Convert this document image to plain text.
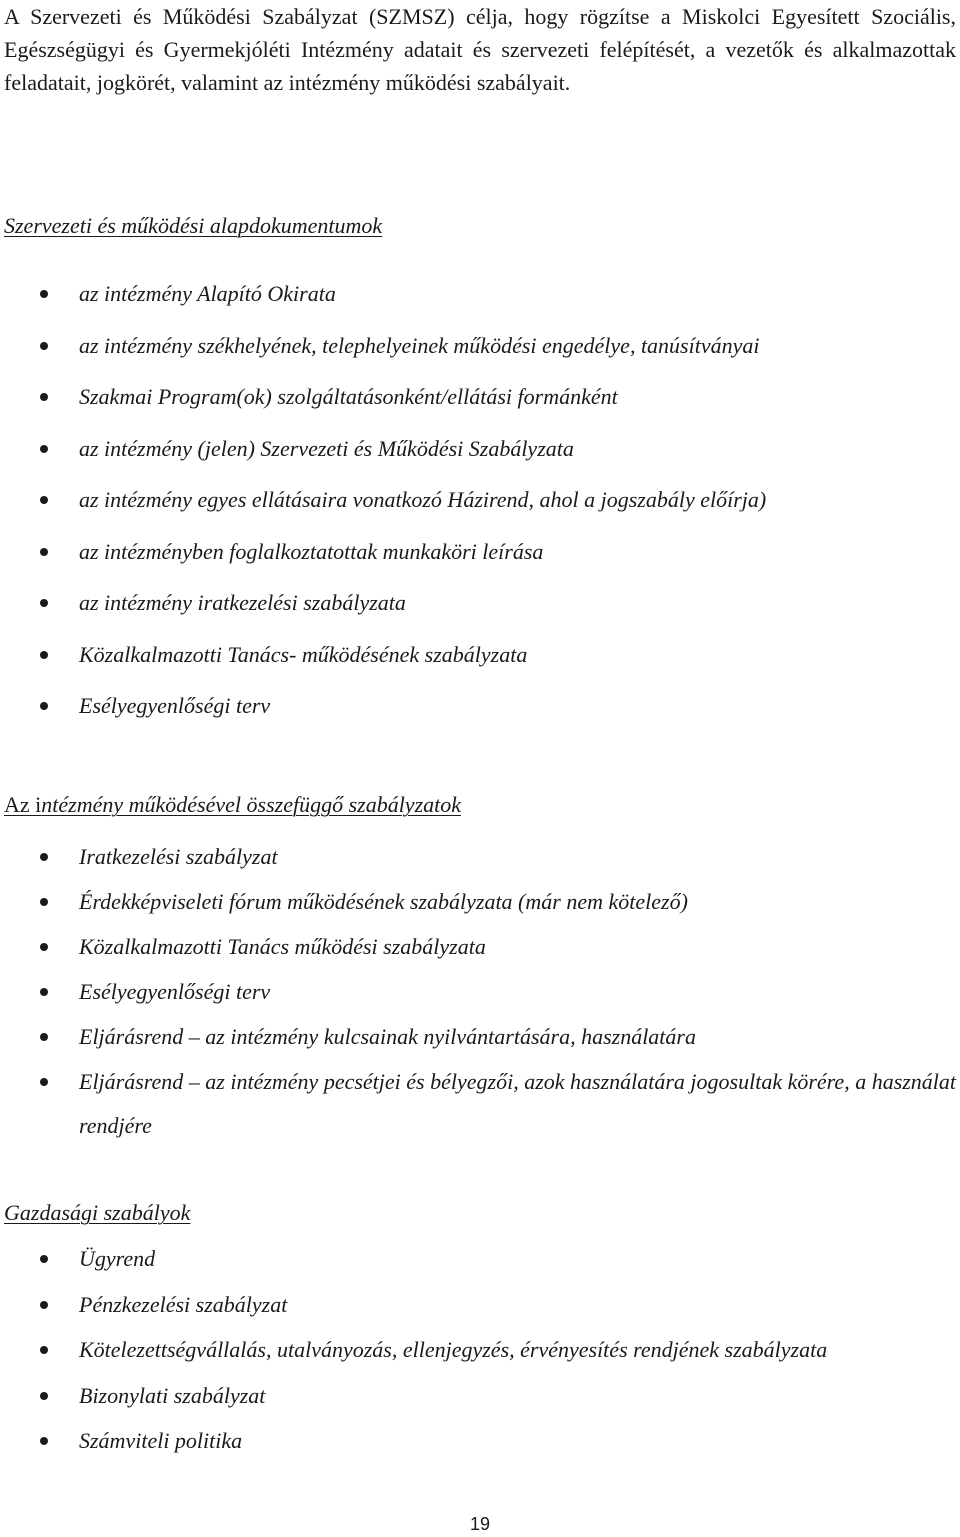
A Szervezeti és Működési Szabályzat (SZMSZ) célja, hogy rögzítse a Miskolci Egyesített Szociális, Egészségügyi és Gyermekjóléti Intézmény adatait és szervezeti felépítését, a vezetők és alkalmazottak feladatait, jogkörét, valamint az intézmény működési szabályait.

Szervezeti és működési alapdokumentumok
az intézmény Alapító Okirata
az intézmény székhelyének, telephelyeinek működési engedélye, tanúsítványai
Szakmai Program(ok) szolgáltatásonként/ellátási formánként
az intézmény (jelen) Szervezeti és Működési Szabályzata
az intézmény egyes ellátásaira vonatkozó Házirend, ahol a jogszabály előírja)
az intézményben foglalkoztatottak munkaköri leírása
az intézmény iratkezelési szabályzata
Közalkalmazotti Tanács- működésének szabályzata
Esélyegyenlőségi terv
Az intézmény működésével összefüggő szabályzatok
Iratkezelési szabályzat
Érdekképviseleti fórum működésének szabályzata (már nem kötelező)
Közalkalmazotti Tanács működési szabályzata
Esélyegyenlőségi terv
Eljárásrend – az intézmény kulcsainak nyilvántartására, használatára
Eljárásrend – az intézmény pecsétjei és bélyegzői, azok használatára jogosultak körére, a használat rendjére
Gazdasági szabályok
Ügyrend
Pénzkezelési szabályzat
Kötelezettségvállalás, utalványozás, ellenjegyzés, érvényesítés rendjének szabályzata
Bizonylati szabályzat
Számviteli politika
19
